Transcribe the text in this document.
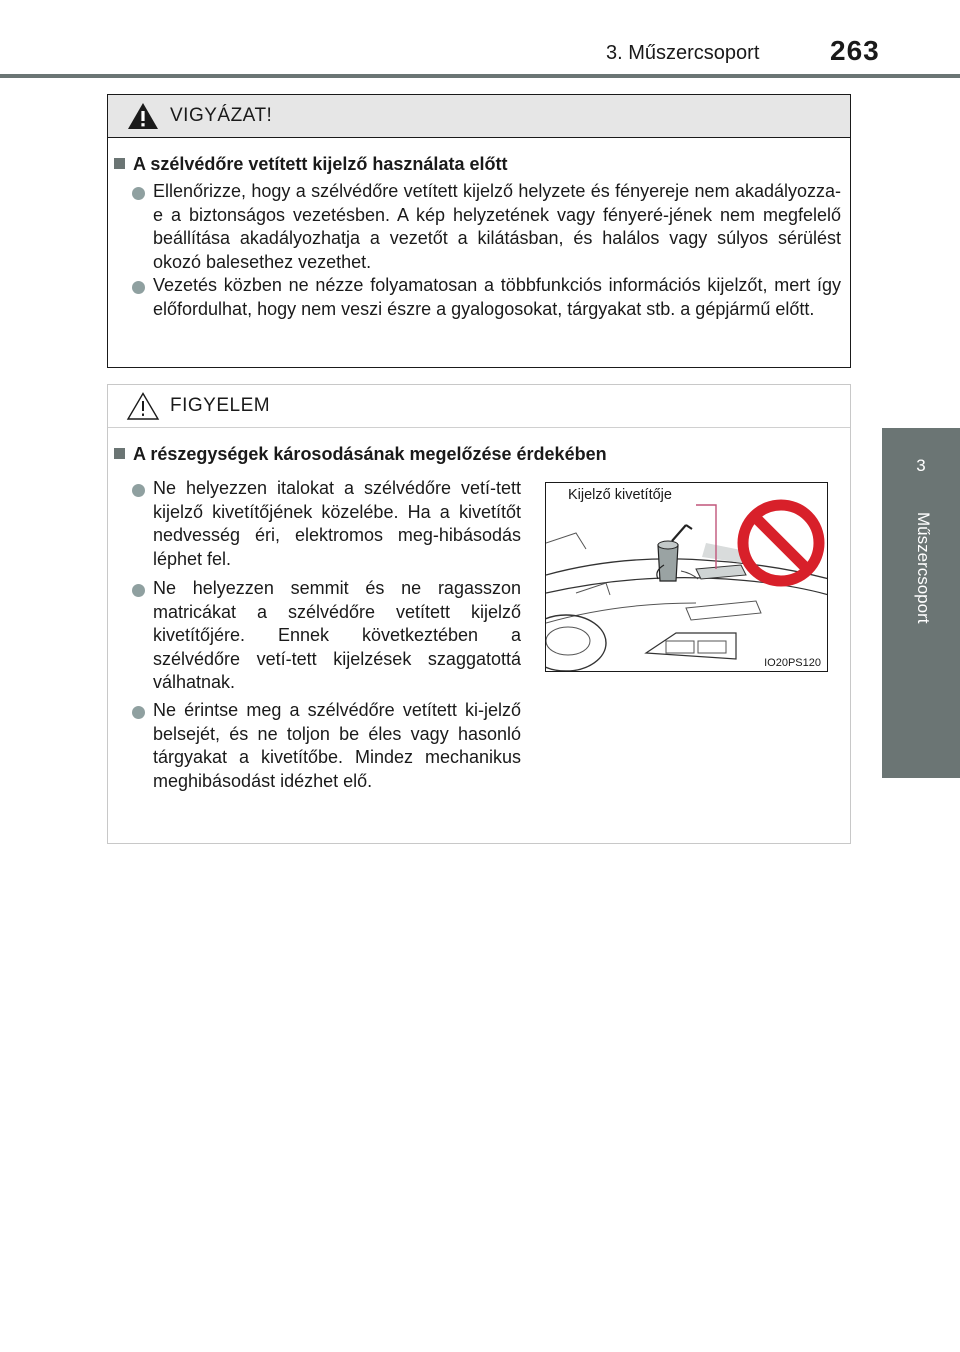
3. Műszercsoport	263
3
Műszercsoport
VIGYÁZAT!
A szélvédőre vetített kijelző használata előtt
Ellenőrizze, hogy a szélvédőre vetített kijelző helyzete és fényereje nem akadályozza-e a biztonságos vezetésben. A kép helyzetének vagy fényeré-jének nem megfelelő beállítása akadályozhatja a vezetőt a kilátásban, és halálos vagy súlyos sérülést okozó balesethez vezethet.
Vezetés közben ne nézze folyamatosan a többfunkciós információs kijelzőt, mert így előfordulhat, hogy nem veszi észre a gyalogosokat, tárgyakat stb. a gépjármű előtt.
FIGYELEM
A részegységek károsodásának megelőzése érdekében
Ne helyezzen italokat a szélvédőre vetí-tett kijelző kivetítőjének közelébe. Ha a kivetítőt nedvesség éri, elektromos meg-hibásodás léphet fel.
Ne helyezzen semmit és ne ragasszon matricákat a szélvédőre vetített kijelző kivetítőjére. Ennek következtében a szélvédőre vetí-tett kijelzések szaggatottá válhatnak.
Ne érintse meg a szélvédőre vetített ki-jelző belsejét, és ne toljon be éles vagy hasonló tárgyakat a kivetítőbe. Mindez mechanikus meghibásodást idézhet elő.
Kijelző kivetítője
IO20PS120
